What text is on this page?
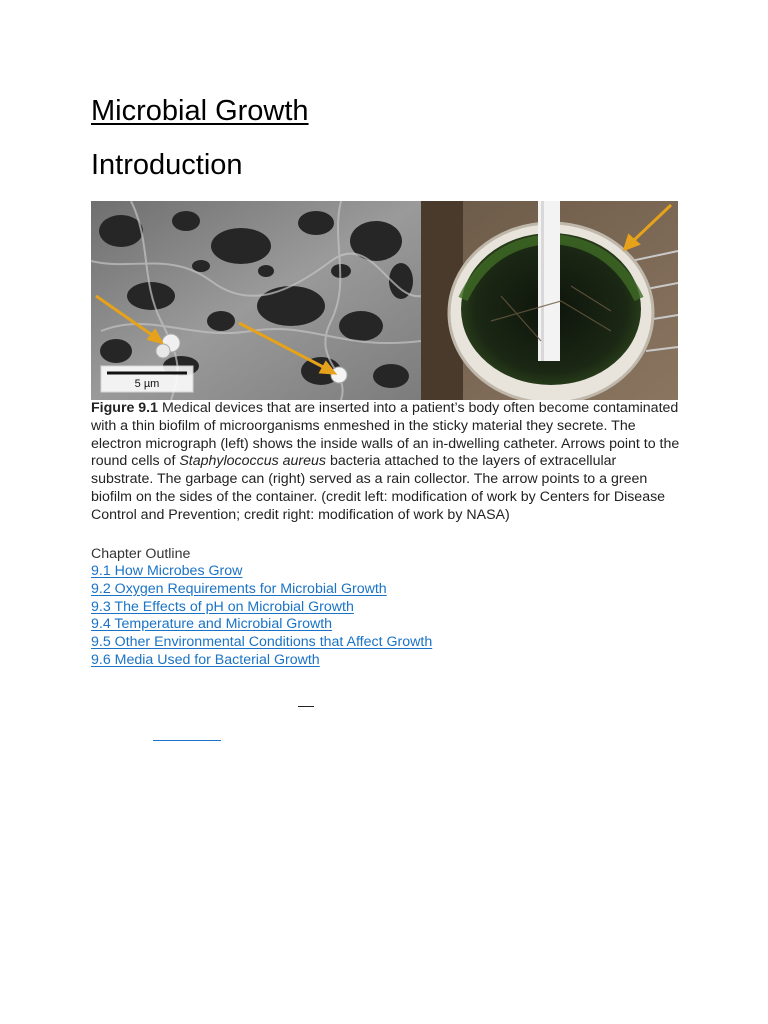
Microbial Growth
Introduction
5 µm

Figure 9.1 Medical devices that are inserted into a patient’s body often become contaminated with a thin biofilm of microorganisms enmeshed in the sticky material they secrete. The electron micrograph (left) shows the inside walls of an in-dwelling catheter. Arrows point to the round cells of Staphylococcus aureus bacteria attached to the layers of extracellular substrate. The garbage can (right) served as a rain collector. The arrow points to a green biofilm on the sides of the container. (credit left: modification of work by Centers for Disease Control and Prevention; credit right: modification of work by NASA)

Chapter Outline

9.1 How Microbes Grow
9.2 Oxygen Requirements for Microbial Growth
9.3 The Effects of pH on Microbial Growth
9.4 Temperature and Microbial Growth
9.5 Other Environmental Conditions that Affect Growth
9.6 Media Used for Bacterial Growth
